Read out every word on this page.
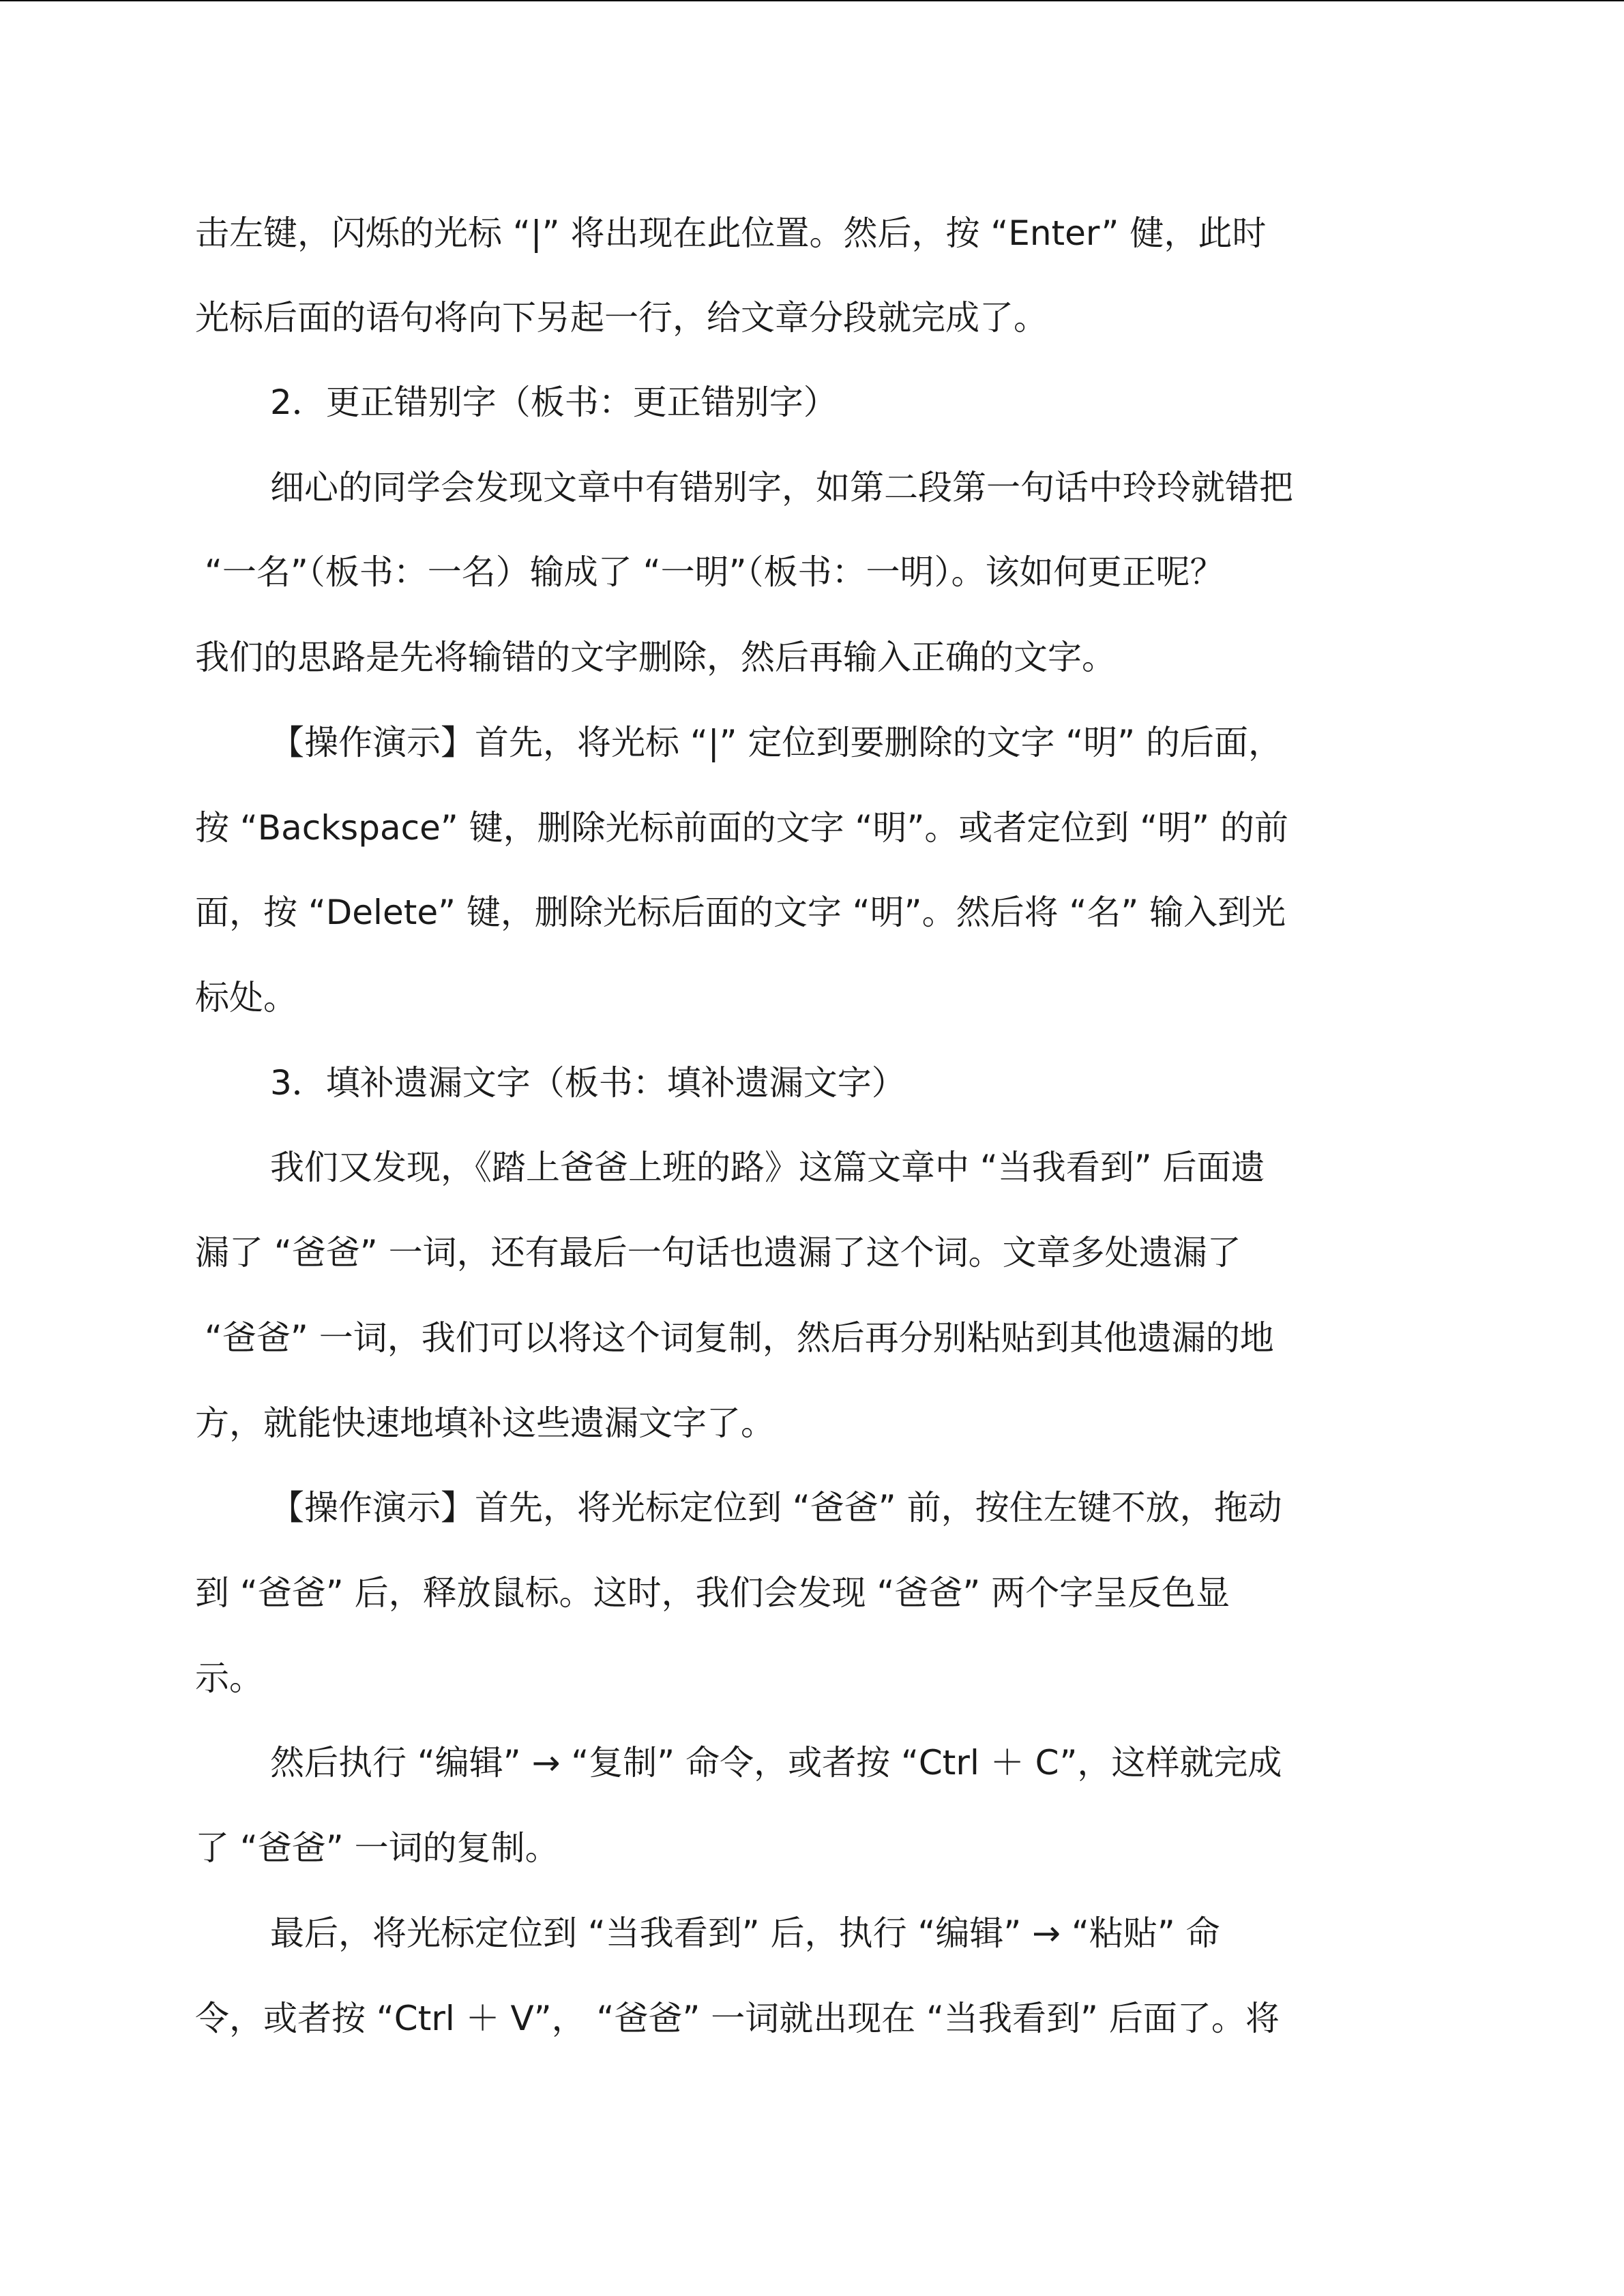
击左键，闪烁的光标 “|” 将出现在此位置。然后，按 “Enter” 健，此时

光标后面的语句将向下另起一行，给文章分段就完成了。

2．更正错别字（板书：更正错别字）

细心的同学会发现文章中有错别字，如第二段第一句话中玲玲就错把

“一名”（板书：一名）输成了 “一明”（板书：一明）。该如何更正呢？

我们的思路是先将输错的文字删除，然后再输入正确的文字。

【操作演示】首先，将光标 “|” 定位到要删除的文字 “明” 的后面，

按 “Backspace” 键，删除光标前面的文字 “明”。或者定位到 “明” 的前

面，按 “Delete” 键，删除光标后面的文字 “明”。然后将 “名” 输入到光

标处。

3．填补遗漏文字（板书：填补遗漏文字）

我们又发现，《踏上爸爸上班的路》这篇文章中 “当我看到” 后面遗

漏了 “爸爸” 一词，还有最后一句话也遗漏了这个词。文章多处遗漏了

“爸爸” 一词，我们可以将这个词复制，然后再分别粘贴到其他遗漏的地

方，就能快速地填补这些遗漏文字了。

【操作演示】首先，将光标定位到 “爸爸” 前，按住左键不放，拖动

到 “爸爸” 后，释放鼠标。这时，我们会发现 “爸爸” 两个字呈反色显

示。

然后执行 “编辑” → “复制” 命令，或者按 “Ctrl ＋ C”，这样就完成

了 “爸爸” 一词的复制。

最后，将光标定位到 “当我看到” 后，执行 “编辑” → “粘贴” 命

令，或者按 “Ctrl ＋ V”， “爸爸” 一词就出现在 “当我看到” 后面了。将
